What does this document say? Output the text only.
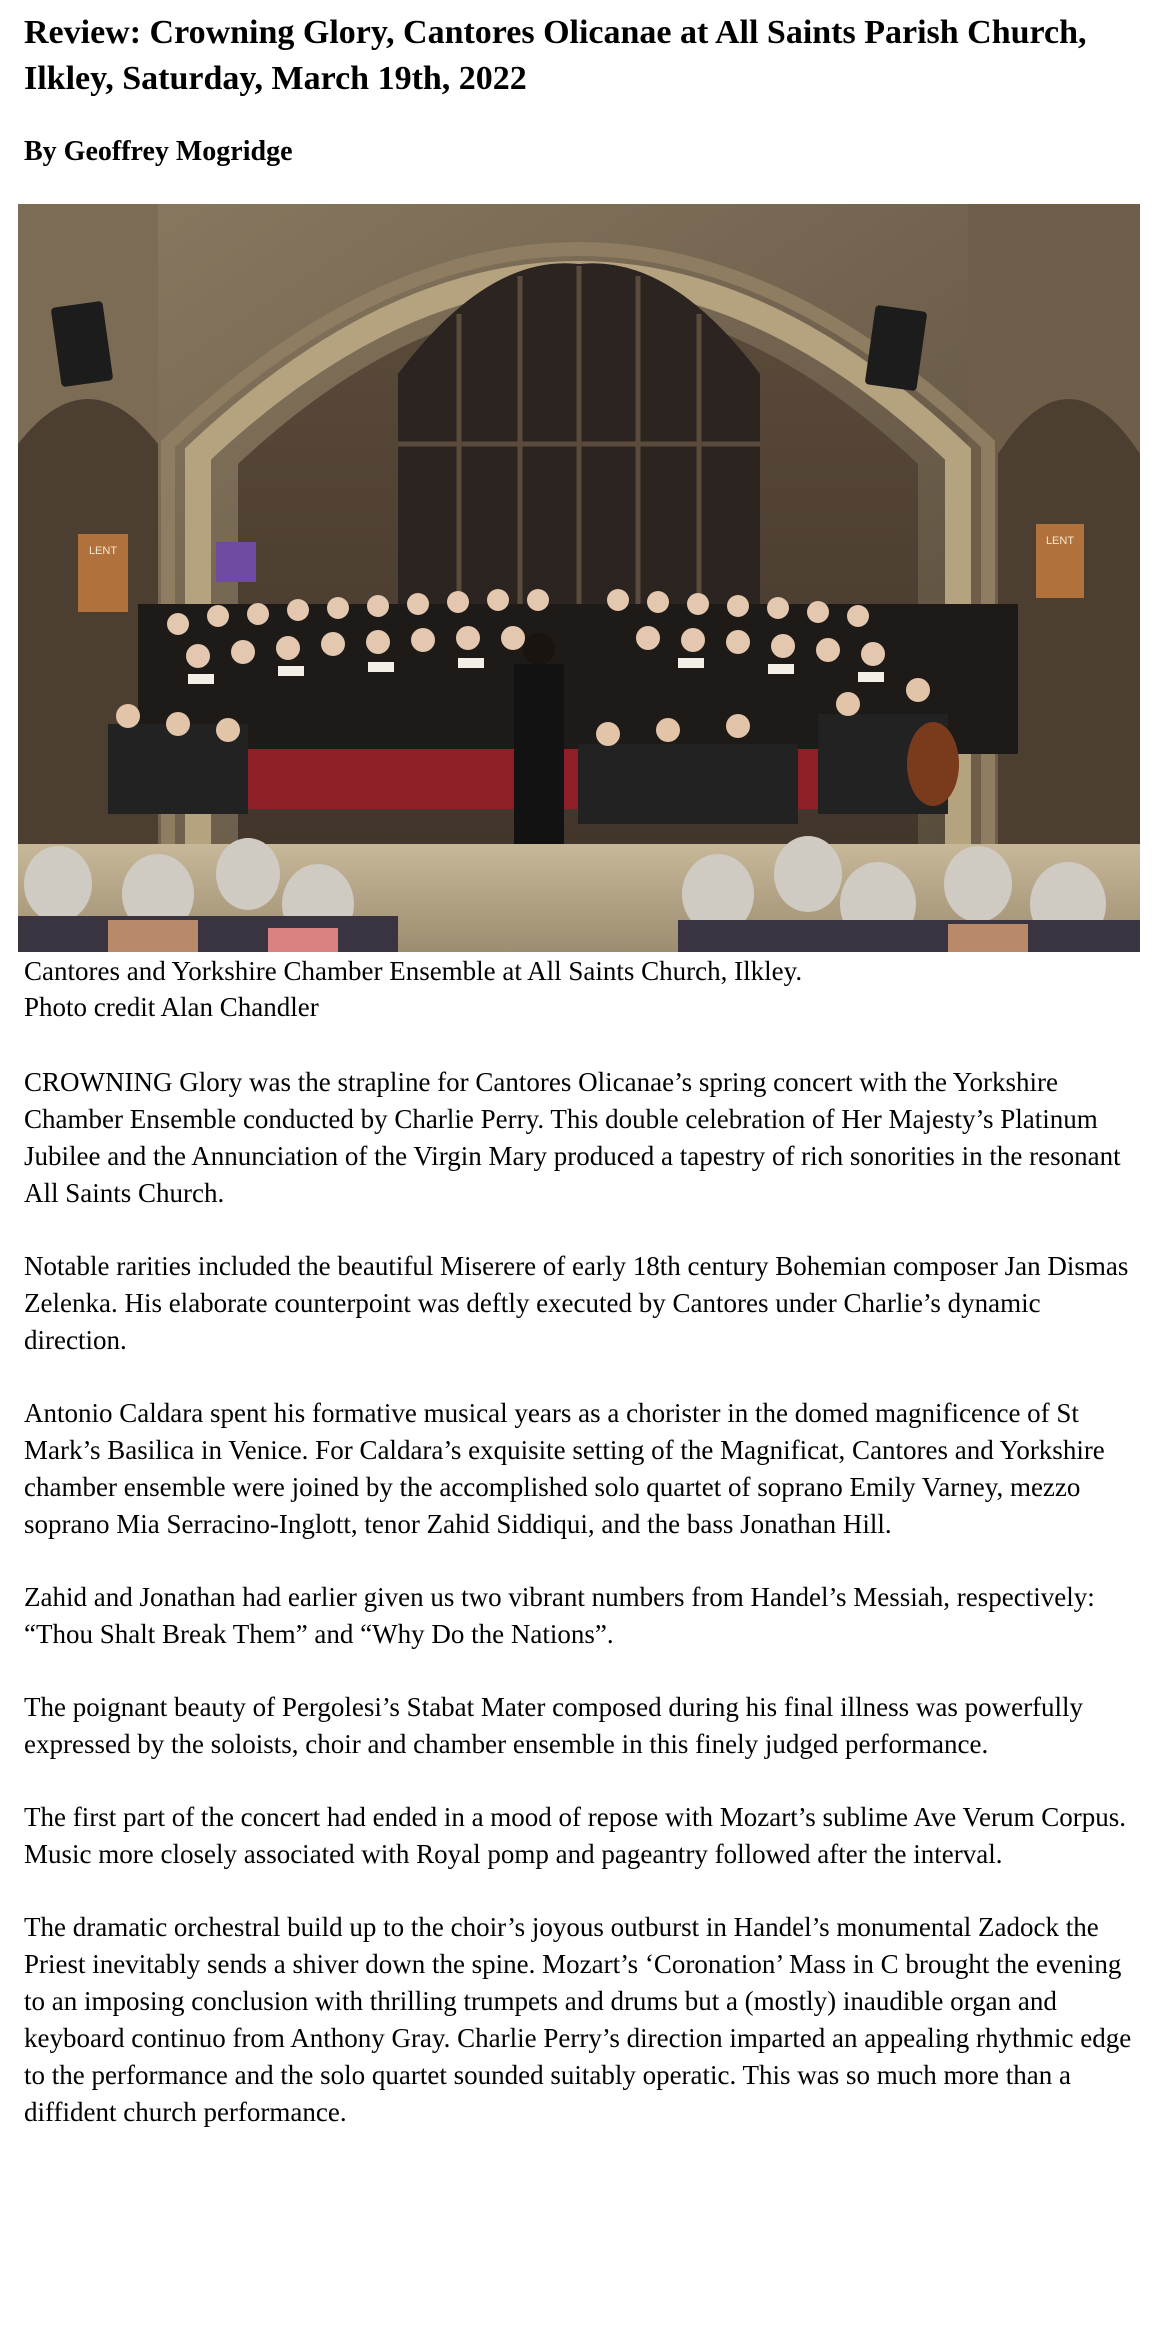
Review: Crowning Glory, Cantores Olicanae at All Saints Parish Church, Ilkley, Saturday, March 19th, 2022

By Geoffrey Mogridge

LENT
LENT

Cantores and Yorkshire Chamber Ensemble at All Saints Church, Ilkley.
Photo credit Alan Chandler

CROWNING Glory was the strapline for Cantores Olicanae’s spring concert with the Yorkshire Chamber Ensemble conducted by Charlie Perry. This double celebration of Her Majesty’s Platinum Jubilee and the Annunciation of the Virgin Mary produced a tapestry of rich sonorities in the resonant All Saints Church.

Notable rarities included the beautiful Miserere of early 18th century Bohemian composer Jan Dismas Zelenka. His elaborate counterpoint was deftly executed by Cantores under Charlie’s dynamic direction.

Antonio Caldara spent his formative musical years as a chorister in the domed magnificence of St Mark’s Basilica in Venice. For Caldara’s exquisite setting of the Magnificat, Cantores and Yorkshire chamber ensemble were joined by the accomplished solo quartet of soprano Emily Varney, mezzo soprano Mia Serracino-Inglott, tenor Zahid Siddiqui, and the bass Jonathan Hill.

Zahid and Jonathan had earlier given us two vibrant numbers from Handel’s Messiah, respectively: “Thou Shalt Break Them” and “Why Do the Nations”.

The poignant beauty of Pergolesi’s Stabat Mater composed during his final illness was powerfully expressed by the soloists, choir and chamber ensemble in this finely judged performance.

The first part of the concert had ended in a mood of repose with Mozart’s sublime Ave Verum Corpus. Music more closely associated with Royal pomp and pageantry followed after the interval.

The dramatic orchestral build up to the choir’s joyous outburst in Handel’s monumental Zadock the Priest inevitably sends a shiver down the spine. Mozart’s ‘Coronation’ Mass in C brought the evening to an imposing conclusion with thrilling trumpets and drums but a (mostly) inaudible organ and keyboard continuo from Anthony Gray. Charlie Perry’s direction imparted an appealing rhythmic edge to the performance and the solo quartet sounded suitably operatic. This was so much more than a diffident church performance.
